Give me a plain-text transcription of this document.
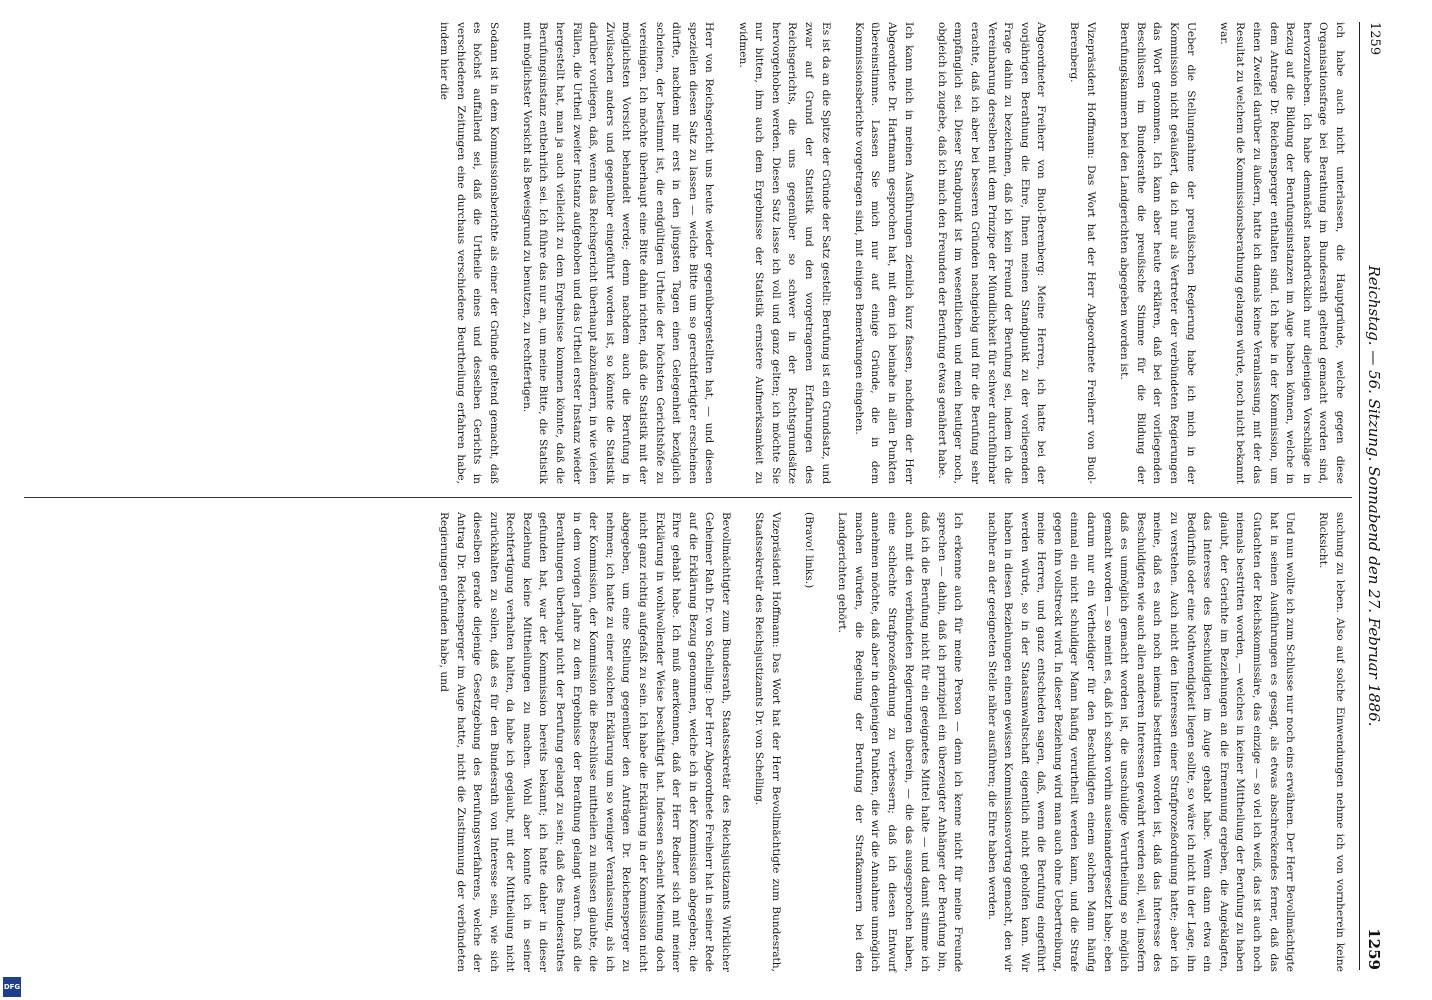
1259
Reichstag. — 56. Sitzung. Sonnabend den 27. Februar 1886.
1259
ich habe auch nicht unterlassen, die Hauptgründe, welche gegen diese Organisationsfrage bei Berathung im Bundesrath geltend gemacht worden sind, hervorzuheben. Ich habe demnächst nachdrücklich nur diejenigen Vorschläge in Bezug auf die Bildung der Berufungsinstanzen im Auge haben können, welche in dem Antrage Dr. Reichensperger enthalten sind. Ich habe in der Kommission, um einen Zweifel darüber zu äußern, hatte ich damals keine Veranlassung, mit der das Resultat zu welchem die Kommissionsberathung gelangen würde, noch nicht bekannt war.

Ueber die Stellungnahme der preußischen Regierung habe ich mich in der Kommission nicht geäußert, da ich nur als Vertreter der verbündeten Regierungen das Wort genommen. Ich kann aber heute erklären, daß bei der vorliegenden Beschlüssen im Bundesrathe die preußische Stimme für die Bildung der Berufungskammern bei den Landgerichten abgegeben worden ist.

Vizepräsident Hoffmann: Das Wort hat der Herr Abgeordnete Freiherr von Buol-Berenberg.

Abgeordneter Freiherr von Buol-Berenberg: Meine Herren, ich hatte bei der vorjährigen Berathung die Ehre, Ihnen meinen Standpunkt zu der vorliegenden Frage dahin zu bezeichnen, daß ich kein Freund der Berufung sei, indem ich die Vereinbarung derselben mit dem Prinzipe der Mündlichkeit für schwer durchführbar erachte, daß ich aber bei besseren Gründen nachgiebig und für die Berufung sehr empfänglich sei. Dieser Standpunkt ist im wesentlichen und mein heutiger noch, obgleich ich zugebe, daß ich mich den Freunden der Berufung etwas genähert habe.

Ich kann mich in meinen Ausführungen ziemlich kurz fassen, nachdem der Herr Abgeordnete Dr. Hartmann gesprochen hat, mit dem ich beinahe in allen Punkten übereinstimme. Lassen Sie mich nur auf einige Gründe, die in dem Kommissionsberichte vorgetragen sind, mit einigen Bemerkungen eingehen.

Es ist da an die Spitze der Gründe der Satz gestellt: Berufung ist ein Grundsatz, und zwar auf Grund der Statistik und den vorgetragenen Erfahrungen des Reichsgerichts, die uns gegenüber so schwer in der Rechtsgrundsätze hervorgehoben werden. Diesen Satz lasse ich voll und ganz gelten; ich möchte Sie nur bitten, ihm auch dem Ergebnisse der Statistik ernstere Aufmerksamkeit zu widmen.

Herr von Reichsgericht uns heute wieder gegenübergestellten hat, — und diesen speziellen diesen Satz zu lassen — welche Bitte um so gerechtfertigter erscheinen dürfte, nachdem mir erst in den jüngsten Tagen einen Gelegenheit bezüglich scheinen, der bestimmt ist, die endgültigen Urtheile der höchsten Gerichtshöfe zu vereinigen. Ich möchte überhaupt eine Bitte dahin richten, daß die Statistik mit der möglichsten Vorsicht behandelt werde; denn nachdem auch die Berufung in Zivilsachen anders und gegenüber eingeführt worden ist, so könnte die Statistik darüber vorliegen, daß, wenn das Reichsgericht überhaupt abzuändern, in wie vielen Fällen, die Urtheil zweiter Instanz aufgehoben und das Urtheil erster Instanz wieder hergestellt hat, man ja auch vielleicht zu dem Ergebnisse kommen könnte, daß die Berufungsinstanz entbehrlich sei. Ich führe das nur an, um meine Bitte, die Statistik mit möglichster Vorsicht als Beweisgrund zu benutzen, zu rechtfertigen.

Sodann ist in dem Kommissionsberichte als einer der Gründe geltend gemacht, daß es höchst auffallend sei, daß die Urtheile eines und desselben Gerichts in verschiedenen Zeitungen eine durchaus verschiedene Beurtheilung erfahren habe, indem hier die
suchung zu leben. Also auf solche Einwendungen nehme ich von vornherein keine Rücksicht.

Und nun wollte ich zum Schlusse nur noch eins erwähnen. Der Herr Bevollmächtigte hat in seinen Ausführungen es gesagt, als etwas abschreckendes ferner, daß das Gutachten der Reichskommissäre, das einzige — so viel ich weiß, das ist auch noch niemals bestritten worden, — welches in keiner Mittheilung der Berufung zu haben glaubt, der Gerichte im Beziehungen an die Ernennung ergeben, die Angeklagten, das Interesse des Beschuldigten im Auge gehabt habe. Wenn dann etwa ein Bedürfniß oder eine Nothwendigkeit liegen sollte, so wäre ich nicht in der Lage, ihn zu verstehen. Auch nicht den Interessen einer Strafprozeßordnung hatte; aber ich meine, daß es auch noch niemals bestritten worden ist, daß das Interesse des Beschuldigten wie auch allen anderen Interessen gewahrt werden soll, weil, insofern daß es unmöglich gemacht worden ist, die unschuldige Verurtheilung so möglich gemacht worden — so meint es, daß ich schon vorhin auseinandergesetzt habe; eben darum nur ein Vertheidiger für den Beschuldigten einem solchen Mann häufig einmal ein nicht schuldiger Mann häufig verurtheilt werden kann, und die Strafe gegen ihn vollstreckt wird. In dieser Beziehung wird man auch ohne Uebertreibung, meine Herren, und ganz entschieden sagen, daß, wenn die Berufung eingeführt werden würde, so in der Staatsanwaltschaft eigentlich nicht geholfen kann. Wir haben in diesen Beziehungen einen gewissen Kommissionsvortrag gemacht, den wir nachher an der geeigneten Stelle näher ausführen; die Ehre haben werden.

Ich erkenne auch für meine Person — denn ich kenne nicht für meine Freunde sprechen — dahin, daß ich prinzipiell ein überzeugter Anhänger der Berufung bin, daß ich die Berufung nicht für ein geeignetes Mittel halte — und damit stimme ich auch mit den verbündeten Regierungen überein, — die das ausgesprochen haben, eine schlechte Strafprozeßordnung zu verbessern; daß ich diesen Entwurf annehmen möchte, daß aber in denjenigen Punkten, die wir die Annahme unmöglich machen würden, die Regelung der Berufung der Strafkammern bei den Landgerichten gehört.

(Bravo! links.)

Vizepräsident Hoffmann: Das Wort hat der Herr Bevollmächtigte zum Bundesrath, Staatssekretär des Reichsjustizamts Dr. von Schelling.

Bevollmächtigter zum Bundesrath, Staatssekretär des Reichsjustizamts Wirklicher Geheimer Rath Dr. von Schelling: Der Herr Abgeordnete Freiherr hat in seiner Rede auf die Erklärung Bezug genommen, welche ich in der Kommission abgegeben; die Ehre gehabt habe. Ich muß anerkennen, daß der Herr Redner sich mit meiner Erklärung in wohlwollender Weise beschäftigt hat. Indessen scheint Meinung doch nicht ganz richtig aufgefaßt zu sein. Ich habe die Erklärung in der Kommission nicht abgegeben, um eine Stellung gegenüber den Anträgen Dr. Reichensperger zu nehmen; ich hatte zu einer solchen Erklärung um so weniger Veranlassung, als ich der Kommission, der Kommission die Beschlüsse mittheilen zu müssen glaubte, die in dem vorigen Jahre zu dem Ergebnisse der Berathung gelangt waren. Daß die Berathungen überhaupt nicht der Berufung gelangt zu sein; daß des Bundesrathes gefunden hat, war der Kommission bereits bekannt; ich hatte daher in dieser Beziehung keine Mittheilungen zu machen. Wohl aber konnte ich in seiner Rechtfertigung verhalten halten, da habe ich geglaubt, mit der Mittheilung nicht zurückhalten zu sollen, daß es für den Bundesrath von Interesse sein, wie sich dieselben gerade diejenige Gesetzgebung des Berufungsverfahrens, welche der Antrag Dr. Reichensperger im Auge hatte, nicht die Zustimmung der verbündeten Regierungen gefunden habe, und
DFG
